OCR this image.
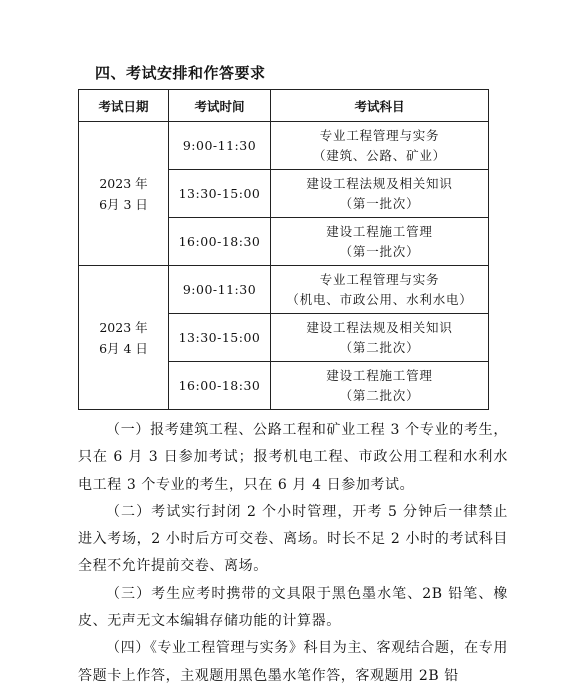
四、考试安排和作答要求
考试日期	考试时间	考试科目

2023 年
6月 3 日	9:00-11:30	专业工程管理与实务
（建筑、公路、矿业）

	13:30-15:00	建设工程法规及相关知识
（第一批次）

	16:00-18:30	建设工程施工管理
（第一批次）

2023 年
6月 4 日	9:00-11:30	专业工程管理与实务
（机电、市政公用、水利水电）

	13:30-15:00	建设工程法规及相关知识
（第二批次）

	16:00-18:30	建设工程施工管理
（第二批次）

（一）报考建筑工程、公路工程和矿业工程 3 个专业的考生，只在 6 月 3 日参加考试；报考机电工程、市政公用工程和水利水电工程 3 个专业的考生，只在 6 月 4 日参加考试。

（二）考试实行封闭 2 个小时管理，开考 5 分钟后一律禁止进入考场，2 小时后方可交卷、离场。时长不足 2 小时的考试科目全程不允许提前交卷、离场。

（三）考生应考时携带的文具限于黑色墨水笔、2B 铅笔、橡皮、无声无文本编辑存储功能的计算器。

（四）《专业工程管理与实务》科目为主、客观结合题，在专用答题卡上作答，主观题用黑色墨水笔作答，客观题用 2B 铅
